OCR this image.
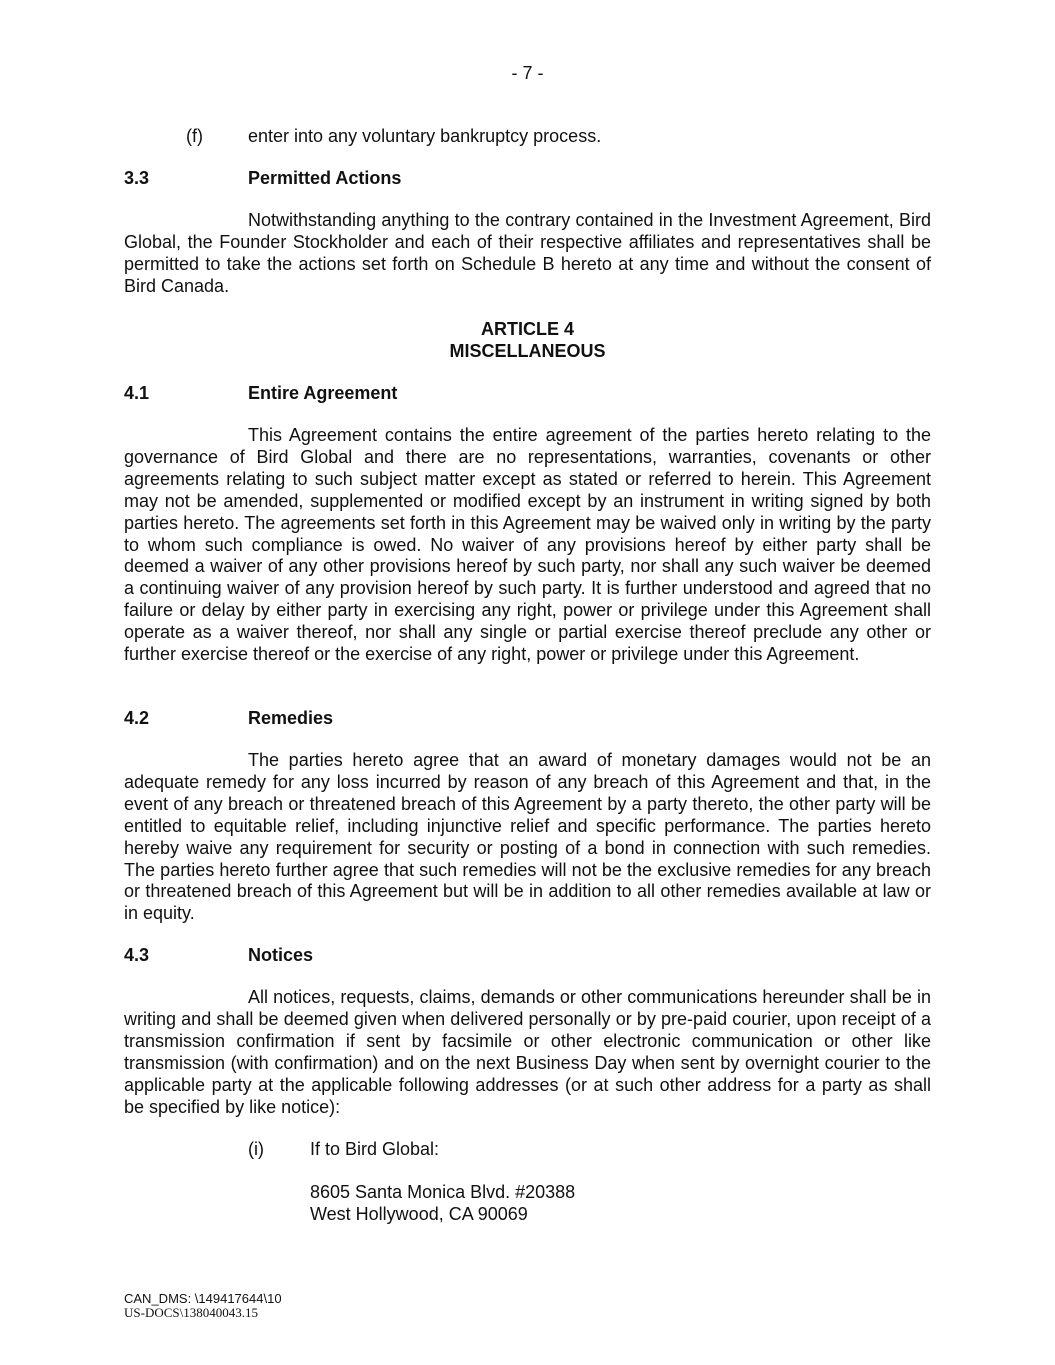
- 7 -
(f)	enter into any voluntary bankruptcy process.
3.3	Permitted Actions
Notwithstanding anything to the contrary contained in the Investment Agreement, Bird Global, the Founder Stockholder and each of their respective affiliates and representatives shall be permitted to take the actions set forth on Schedule B hereto at any time and without the consent of Bird Canada.
ARTICLE 4
MISCELLANEOUS
4.1	Entire Agreement
This Agreement contains the entire agreement of the parties hereto relating to the governance of Bird Global and there are no representations, warranties, covenants or other agreements relating to such subject matter except as stated or referred to herein. This Agreement may not be amended, supplemented or modified except by an instrument in writing signed by both parties hereto. The agreements set forth in this Agreement may be waived only in writing by the party to whom such compliance is owed. No waiver of any provisions hereof by either party shall be deemed a waiver of any other provisions hereof by such party, nor shall any such waiver be deemed a continuing waiver of any provision hereof by such party. It is further understood and agreed that no failure or delay by either party in exercising any right, power or privilege under this Agreement shall operate as a waiver thereof, nor shall any single or partial exercise thereof preclude any other or further exercise thereof or the exercise of any right, power or privilege under this Agreement.
4.2	Remedies
The parties hereto agree that an award of monetary damages would not be an adequate remedy for any loss incurred by reason of any breach of this Agreement and that, in the event of any breach or threatened breach of this Agreement by a party thereto, the other party will be entitled to equitable relief, including injunctive relief and specific performance. The parties hereto hereby waive any requirement for security or posting of a bond in connection with such remedies. The parties hereto further agree that such remedies will not be the exclusive remedies for any breach or threatened breach of this Agreement but will be in addition to all other remedies available at law or in equity.
4.3	Notices
All notices, requests, claims, demands or other communications hereunder shall be in writing and shall be deemed given when delivered personally or by pre-paid courier, upon receipt of a transmission confirmation if sent by facsimile or other electronic communication or other like transmission (with confirmation) and on the next Business Day when sent by overnight courier to the applicable party at the applicable following addresses (or at such other address for a party as shall be specified by like notice):
(i)	If to Bird Global:
8605 Santa Monica Blvd. #20388
West Hollywood, CA 90069
CAN_DMS: \149417644\10
US-DOCS\138040043.15
